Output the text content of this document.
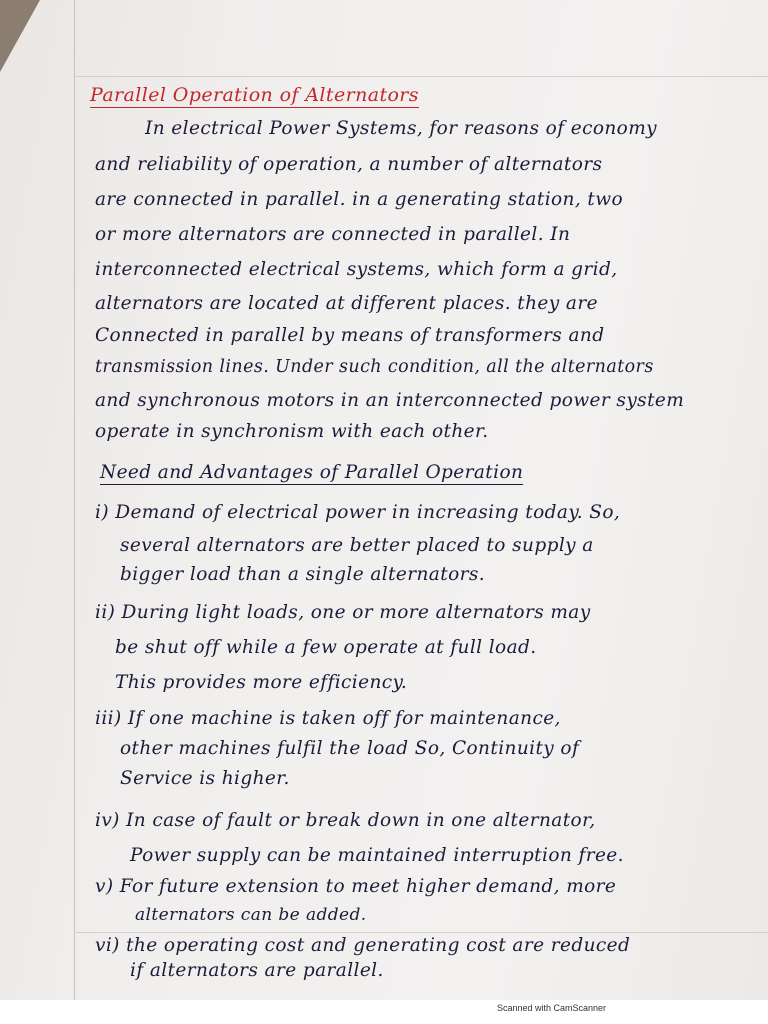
Parallel Operation of Alternators
In electrical Power Systems, for reasons of economy
and reliability of operation, a number of alternators
are connected in parallel. in a generating station, two
or more alternators are connected in parallel. In
interconnected electrical systems, which form a grid,
alternators are located at different places. they are
Connected in parallel by means of transformers and
transmission lines. Under such condition, all the alternators
and synchronous motors in an interconnected power system
operate in synchronism with each other.
Need and Advantages of Parallel Operation
i) Demand of electrical power in increasing today. So,
several alternators are better placed to supply a
bigger load than a single alternators.
ii) During light loads, one or more alternators may
be shut off while a few operate at full load.
This provides more efficiency.
iii) If one machine is taken off for maintenance,
other machines fulfil the load So, Continuity of
Service is higher.
iv) In case of fault or break down in one alternator,
Power supply can be maintained interruption free.
v) For future extension to meet higher demand, more
alternators can be added.
vi) the operating cost and generating cost are reduced
if alternators are parallel.
Scanned with CamScanner
